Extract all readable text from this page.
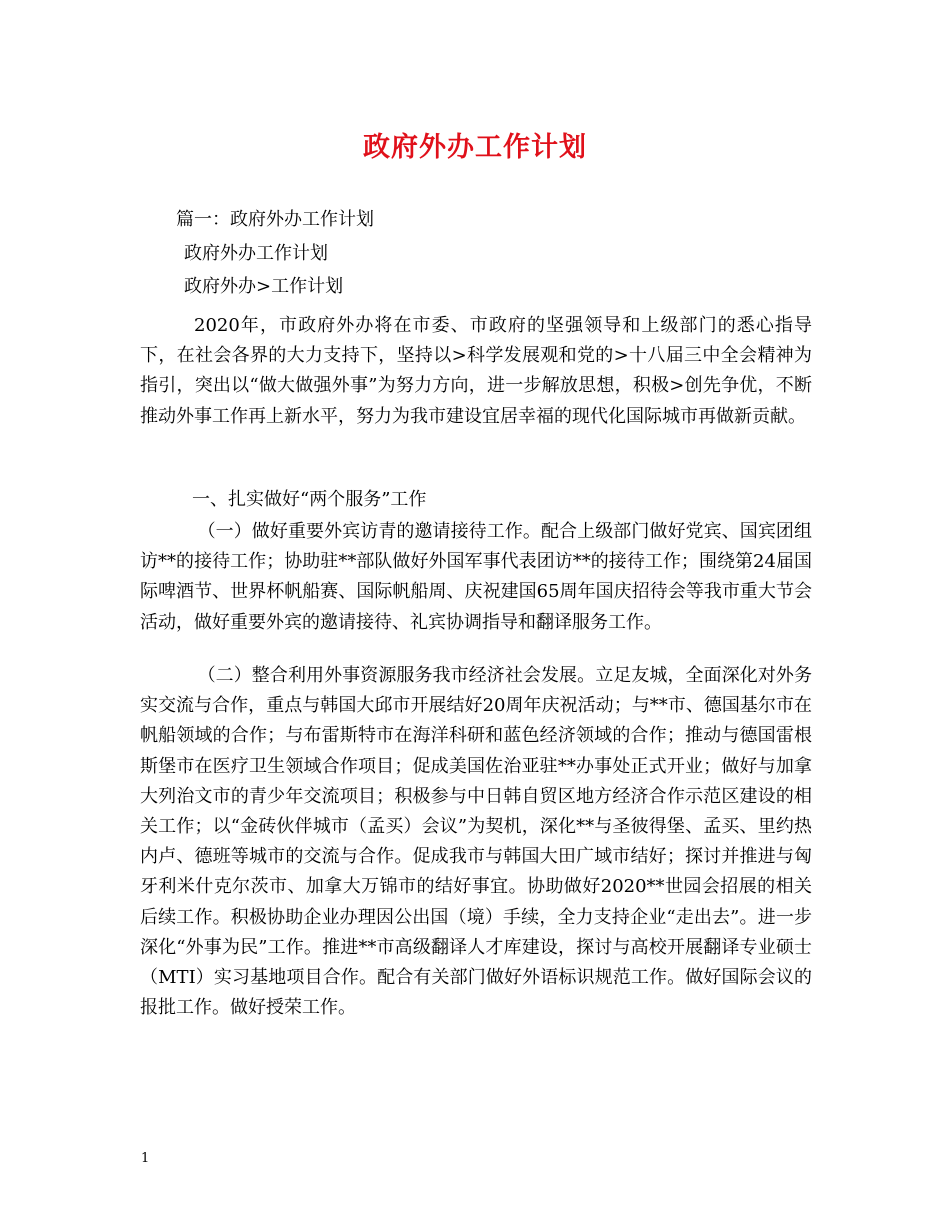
政府外办工作计划
篇一：政府外办工作计划
政府外办工作计划
政府外办>工作计划
2020年，市政府外办将在市委、市政府的坚强领导和上级部门的悉心指导下，在社会各界的大力支持下，坚持以>科学发展观和党的>十八届三中全会精神为指引，突出以“做大做强外事”为努力方向，进一步解放思想，积极>创先争优，不断推动外事工作再上新水平，努力为我市建设宜居幸福的现代化国际城市再做新贡献。
一、扎实做好“两个服务”工作
（一）做好重要外宾访青的邀请接待工作。配合上级部门做好党宾、国宾团组访**的接待工作；协助驻**部队做好外国军事代表团访**的接待工作；围绕第24届国际啤酒节、世界杯帆船赛、国际帆船周、庆祝建国65周年国庆招待会等我市重大节会活动，做好重要外宾的邀请接待、礼宾协调指导和翻译服务工作。
（二）整合利用外事资源服务我市经济社会发展。立足友城，全面深化对外务实交流与合作，重点与韩国大邱市开展结好20周年庆祝活动；与**市、德国基尔市在帆船领域的合作；与布雷斯特市在海洋科研和蓝色经济领域的合作；推动与德国雷根斯堡市在医疗卫生领域合作项目；促成美国佐治亚驻**办事处正式开业；做好与加拿大列治文市的青少年交流项目；积极参与中日韩自贸区地方经济合作示范区建设的相关工作；以“金砖伙伴城市（孟买）会议”为契机，深化**与圣彼得堡、孟买、里约热内卢、德班等城市的交流与合作。促成我市与韩国大田广域市结好；探讨并推进与匈牙利米什克尔茨市、加拿大万锦市的结好事宜。协助做好2020**世园会招展的相关后续工作。积极协助企业办理因公出国（境）手续，全力支持企业“走出去”。进一步深化“外事为民”工作。推进**市高级翻译人才库建设，探讨与高校开展翻译专业硕士（MTI）实习基地项目合作。配合有关部门做好外语标识规范工作。做好国际会议的报批工作。做好授荣工作。
1
